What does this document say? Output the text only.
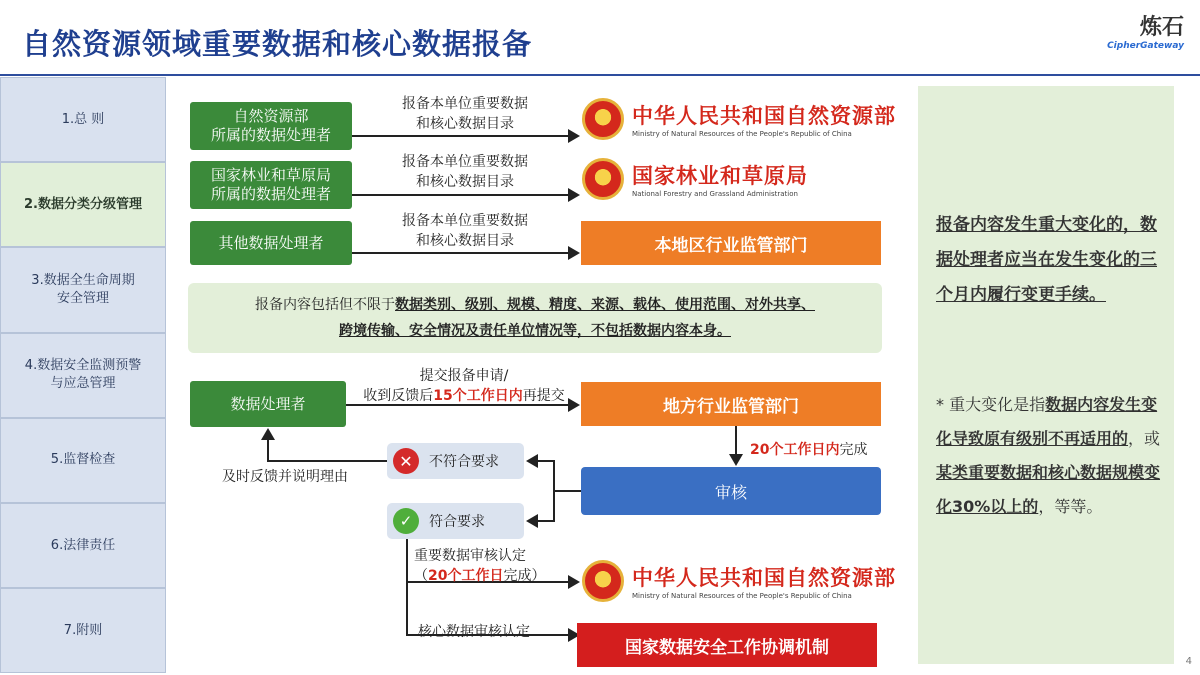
自然资源领域重要数据和核心数据报备	炼石
CipherGateway
1.总 则
2.数据分类分级管理
3.数据全生命周期
安全管理
4.数据安全监测预警
与应急管理
5.监督检查
6.法律责任
7.附则
自然资源部
所属的数据处理者
国家林业和草原局
所属的数据处理者
其他数据处理者
报备本单位重要数据
和核心数据目录
报备本单位重要数据
和核心数据目录
报备本单位重要数据
和核心数据目录
★
中华人民共和国自然资源部
Ministry of Natural Resources of the People's Republic of China
★
国家林业和草原局
National Forestry and Grassland Administration
本地区行业监管部门
报备内容包括但不限于数据类别、级别、规模、精度、来源、载体、使用范围、对外共享、
跨境传输、安全情况及责任单位情况等，不包括数据内容本身。
数据处理者
提交报备申请/
收到反馈后15个工作日内再提交
地方行业监管部门
20个工作日内完成
审核
✕	不符合要求
✓	符合要求
及时反馈并说明理由
重要数据审核认定
（20个工作日完成）
★	中华人民共和国自然资源部
Ministry of Natural Resources of the People's Republic of China
核心数据审核认定
国家数据安全工作协调机制
报备内容发生重大变化的，数据处理者应当在发生变化的三个月内履行变更手续。
* 重大变化是指数据内容发生变化导致原有级别不再适用的，或某类重要数据和核心数据规模变化30%以上的，等等。
4
